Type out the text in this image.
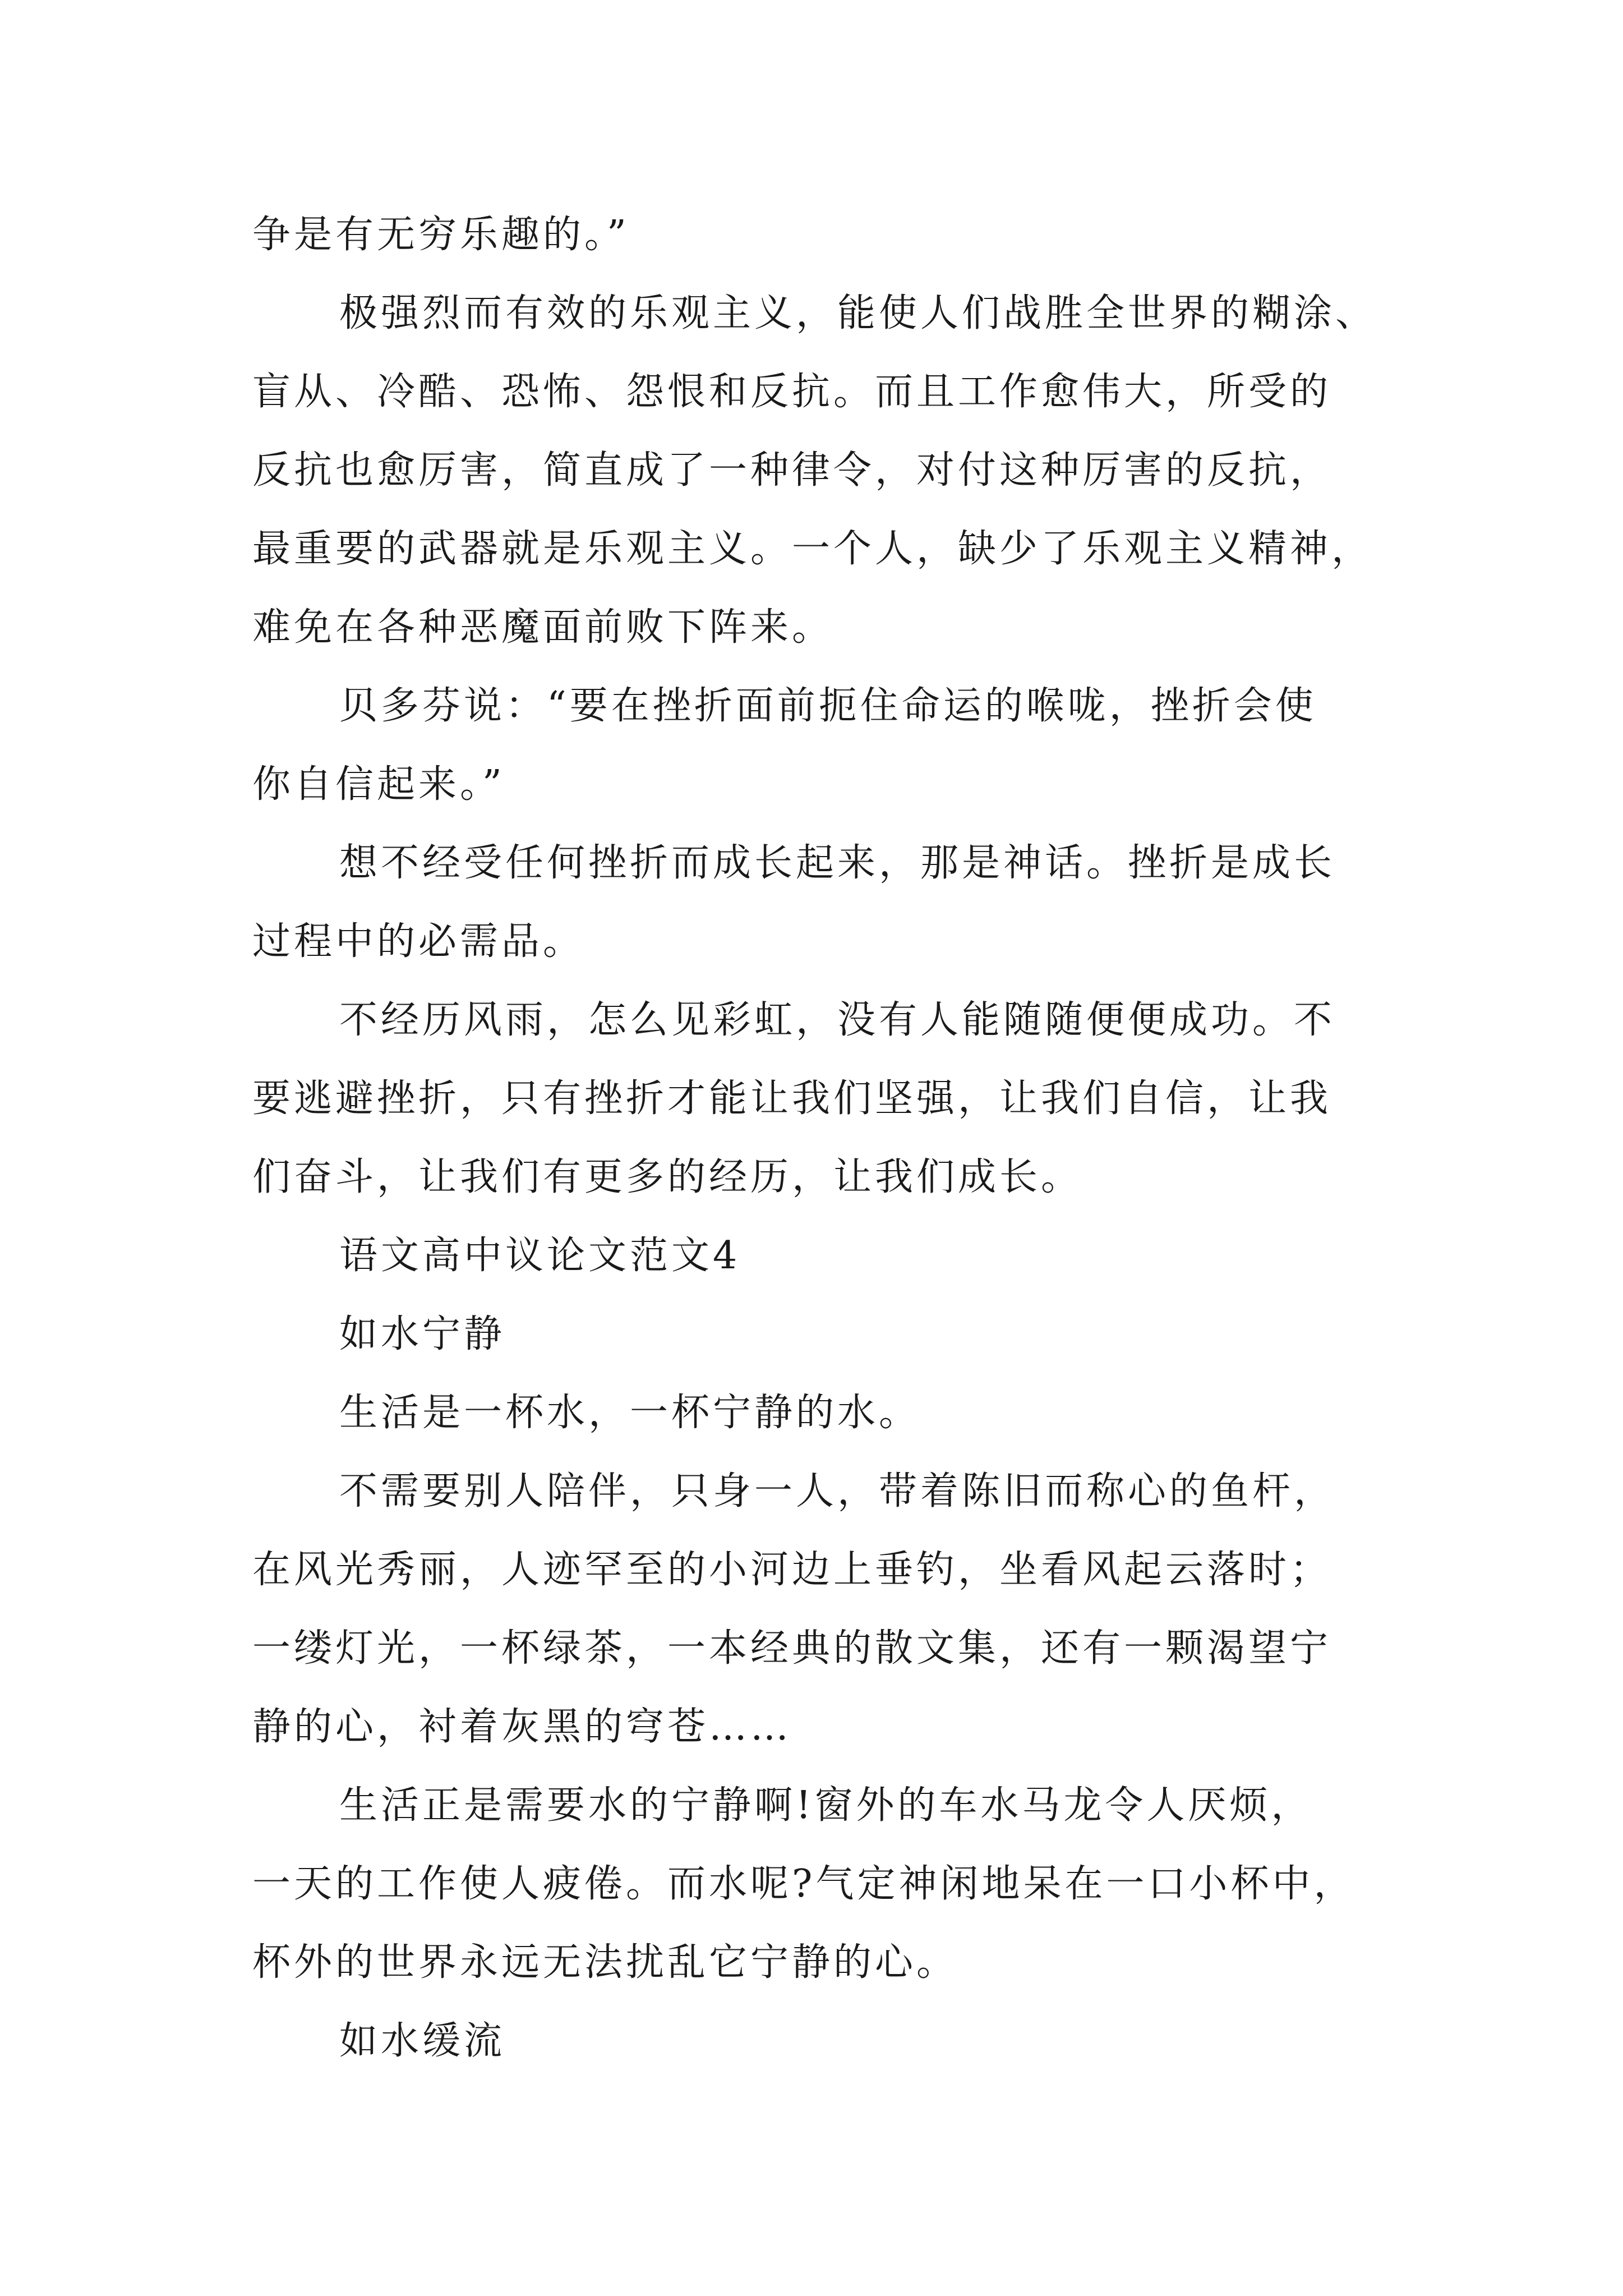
争是有无穷乐趣的。”
极强烈而有效的乐观主义，能使人们战胜全世界的糊涂、
盲从、冷酷、恐怖、怨恨和反抗。而且工作愈伟大，所受的
反抗也愈厉害，简直成了一种律令，对付这种厉害的反抗，
最重要的武器就是乐观主义。一个人，缺少了乐观主义精神，
难免在各种恶魔面前败下阵来。
贝多芬说：“要在挫折面前扼住命运的喉咙，挫折会使
你自信起来。”
想不经受任何挫折而成长起来，那是神话。挫折是成长
过程中的必需品。
不经历风雨，怎么见彩虹，没有人能随随便便成功。不
要逃避挫折，只有挫折才能让我们坚强，让我们自信，让我
们奋斗，让我们有更多的经历，让我们成长。
语文高中议论文范文4
如水宁静
生活是一杯水，一杯宁静的水。
不需要别人陪伴，只身一人，带着陈旧而称心的鱼杆，
在风光秀丽，人迹罕至的小河边上垂钓，坐看风起云落时；
一缕灯光，一杯绿茶，一本经典的散文集，还有一颗渴望宁
静的心，衬着灰黑的穹苍……
生活正是需要水的宁静啊!窗外的车水马龙令人厌烦，
一天的工作使人疲倦。而水呢?气定神闲地呆在一口小杯中，
杯外的世界永远无法扰乱它宁静的心。
如水缓流
